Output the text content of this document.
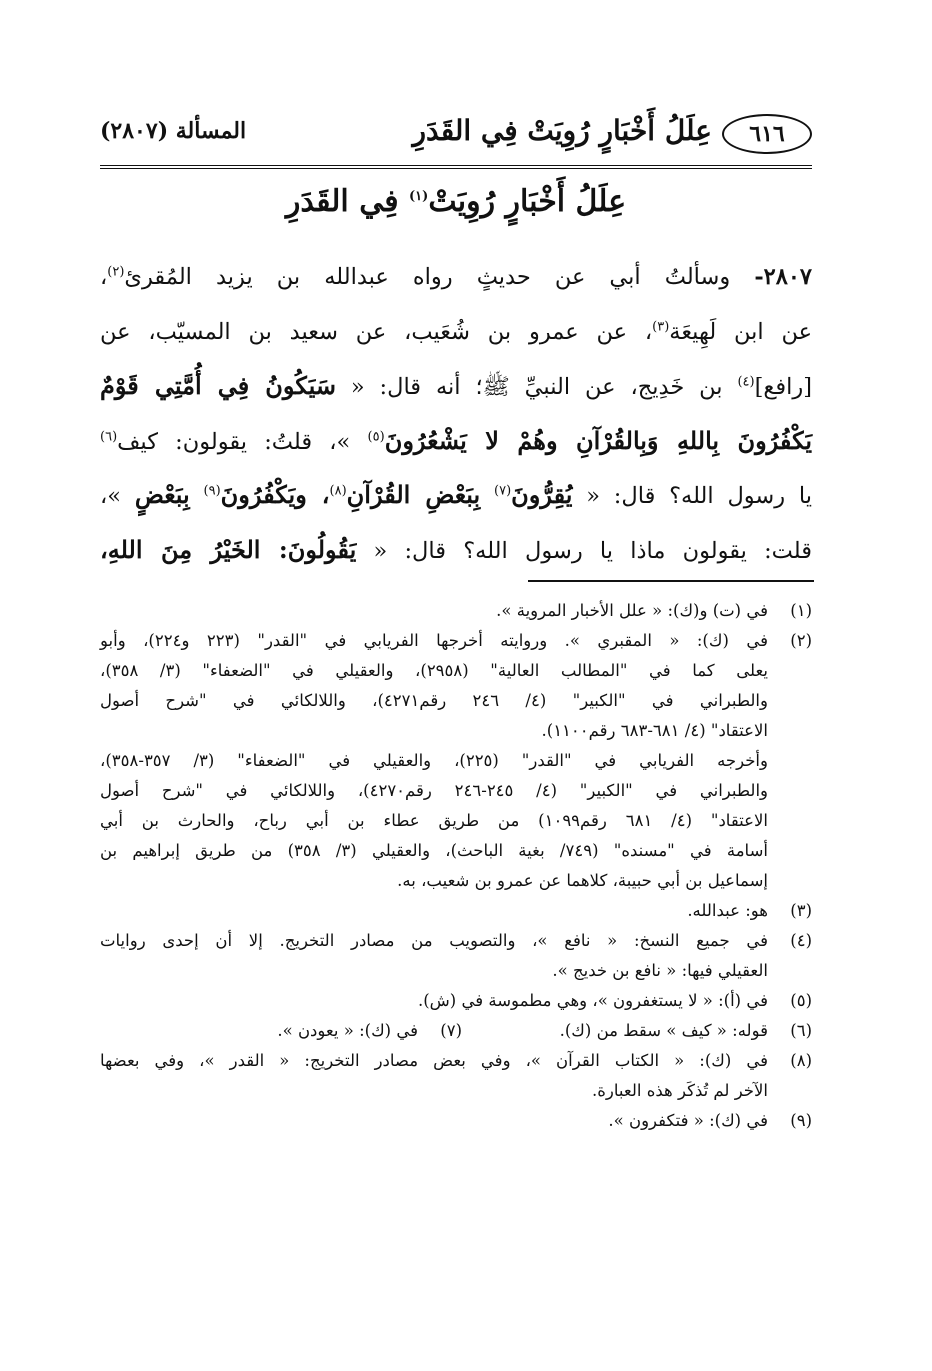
٦١٦
عِلَلُ أَخْبَارٍ رُوِيَتْ فِي القَدَرِ
المسألة (٢٨٠٧)
عِلَلُ أَخْبَارٍ رُوِيَتْ$^{(١)}$ فِي القَدَرِ
٢٨٠٧- وسألتُ أبي عن حديثٍ رواه عبدالله بن يزيد المُقرئ$^{(٢)}$،
عن ابن لَهِيعَة$^{(٣)}$، عن عمرو بن شُعَيب، عن سعيد بن المسيّب، عن
[رافع]$^{(٤)}$ بن خَدِيج، عن النبيِّ ﷺ؛ أنه قال: « سَيَكُونُ فِي أُمَّتِي قَوْمٌ
يَكْفُرُونَ بِاللهِ وَبِالقُرْآنِ وهُمْ لا يَشْعُرُونَ$^{(٥)}$ »، قلتُ: يقولون: كيف$^{(٦)}$
يا رسول الله؟ قال: « يُقِرُّونَ$^{(٧)}$ بِبَعْضِ القُرْآنِ$^{(٨)}$، ويَكْفُرُونَ$^{(٩)}$ بِبَعْضٍ »،
قلت: يقولون ماذا يا رسول الله؟ قال: « يَقُولُونَ: الخَيْرُ مِنَ اللهِ،
(١)
في (ت) و(ك): « علل الأخبار المروية ».
(٢)
في (ك): « المقبري ». وروايته أخرجها الفريابي في "القدر" (٢٢٣ و٢٢٤)، وأبو
يعلى كما في "المطالب العالية" (٢٩٥٨)، والعقيلي في "الضعفاء" (٣/ ٣٥٨)،
والطبراني في "الكبير" (٤/ ٢٤٦ رقم٤٢٧١)، واللالكائي في "شرح أصول
الاعتقاد" (٤/ ٦٨١-٦٨٣ رقم١١٠٠).
وأخرجه الفريابي في "القدر" (٢٢٥)، والعقيلي في "الضعفاء" (٣/ ٣٥٧-٣٥٨)،
والطبراني في "الكبير" (٤/ ٢٤٥-٢٤٦ رقم٤٢٧٠)، واللالكائي في "شرح أصول
الاعتقاد" (٤/ ٦٨١ رقم١٠٩٩) من طريق عطاء بن أبي رباح، والحارث بن أبي
أسامة في "مسنده" (٧٤٩/ بغية الباحث)، والعقيلي (٣/ ٣٥٨) من طريق إبراهيم بن
إسماعيل بن أبي حبيبة، كلاهما عن عمرو بن شعيب، به.
(٣)
هو: عبدالله.
(٤)
في جميع النسخ: « نافع »، والتصويب من مصادر التخريج. إلا أن إحدى روايات
العقيلي فيها: « نافع بن خديج ».
(٥)
في (أ): « لا يستغفرون »، وهي مطموسة في (ش).
(٦)
قوله: « كيف » سقط من (ك).
(٧)
في (ك): « يعودن ».
(٨)
في (ك): « الكتاب القرآن »، وفي بعض مصادر التخريج: « القدر »، وفي بعضها
الآخر لم تُذكَر هذه العبارة.
(٩)
في (ك): « فتكفرون ».
